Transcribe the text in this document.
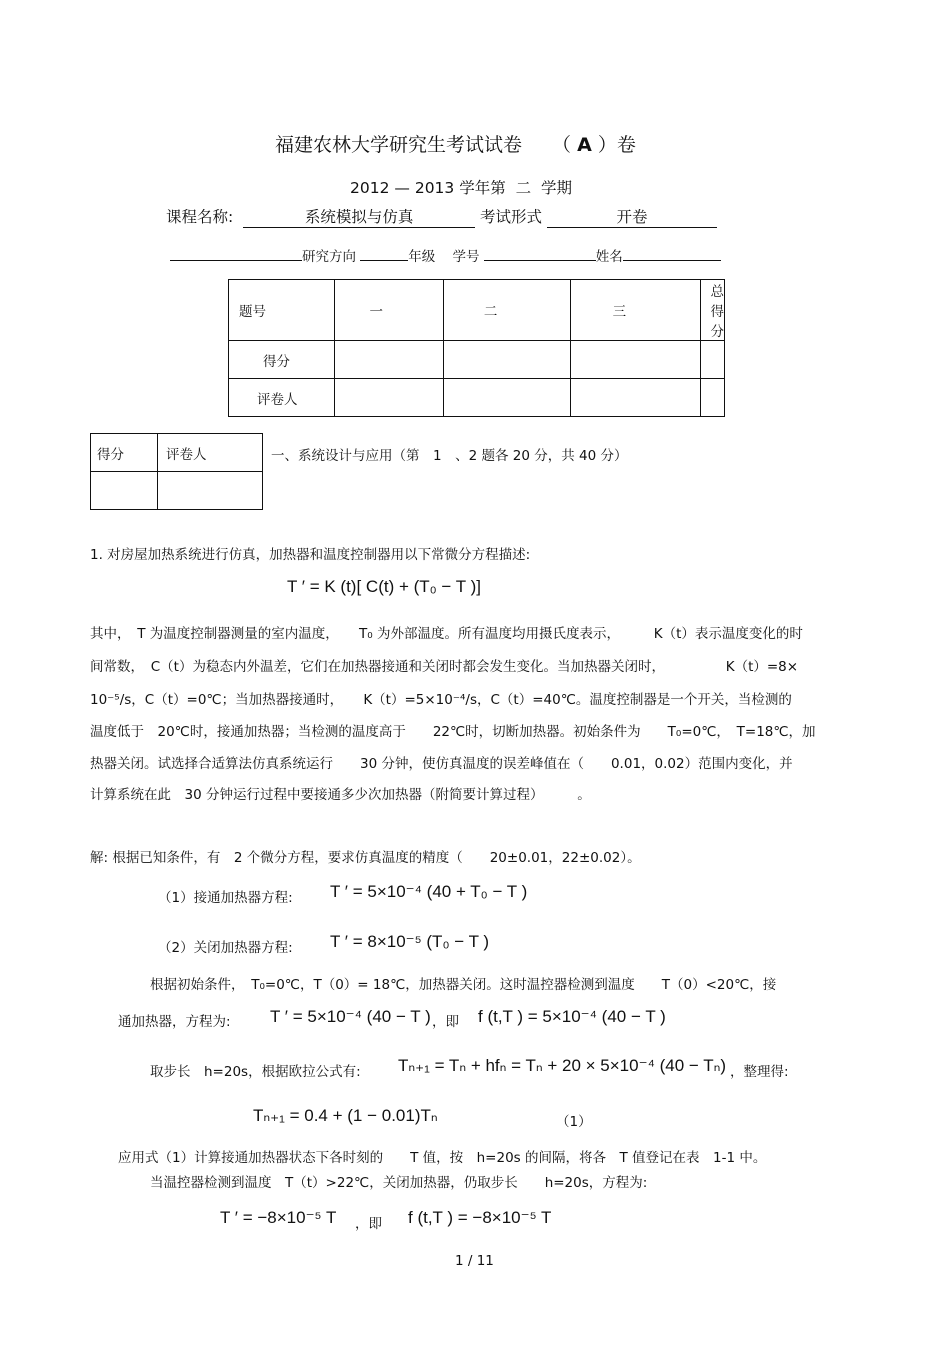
福建农林大学研究生考试试卷 （ A ）卷
2012 — 2013 学年第 二 学期
课程名称:	系统模拟与仿真	考试形式	开卷
研究方向	年级 学号	姓名
题号	一	二	三	总得分
得分				
评卷人				
得分	评卷人
		一、系统设计与应用（第　1　、2 题各 20 分，共 40 分）
1. 对房屋加热系统进行仿真，加热器和温度控制器用以下常微分方程描述:
T ′ = K (t)[ C(t) + (T₀ − T )]
其中，　T 为温度控制器测量的室内温度，　　T₀ 为外部温度。所有温度均用摄氏度表示，　　　K（t）表示温度变化的时
间常数，　C（t）为稳态内外温差，它们在加热器接通和关闭时都会发生变化。当加热器关闭时，　　　　　K（t）=8×
10⁻⁵/s，C（t）=0℃；当加热器接通时，　　K（t）=5×10⁻⁴/s，C（t）=40℃。温度控制器是一个开关，当检测的
温度低于　20℃时，接通加热器；当检测的温度高于　　22℃时，切断加热器。初始条件为　　T₀=0℃，　T=18℃，加
热器关闭。试选择合适算法仿真系统运行　　30 分钟，使仿真温度的误差峰值在（　　0.01，0.02）范围内变化，并
计算系统在此　30 分钟运行过程中要接通多少次加热器（附简要计算过程）　　　。
解: 根据已知条件，有　2 个微分方程，要求仿真温度的精度（　　20±0.01，22±0.02）。
（1）接通加热器方程: T ′ = 5×10⁻⁴ (40 + T₀ − T )
（2）关闭加热器方程: T ′ = 8×10⁻⁵ (T₀ − T )
根据初始条件，　T₀=0℃，T（0）= 18℃，加热器关闭。这时温控器检测到温度　　T（0）<20℃，接
通加热器，方程为: T ′ = 5×10⁻⁴ (40 − T ) ，即 f (t,T ) = 5×10⁻⁴ (40 − T )
取步长　h=20s，根据欧拉公式有: Tₙ₊₁ = Tₙ + hfₙ = Tₙ + 20 × 5×10⁻⁴ (40 − Tₙ) ，整理得:
Tₙ₊₁ = 0.4 + (1 − 0.01)Tₙ	（1）
应用式（1）计算接通加热器状态下各时刻的　　T 值，按　h=20s 的间隔，将各　T 值登记在表　1-1 中。
当温控器检测到温度　T（t）>22℃，关闭加热器，仍取步长　　h=20s，方程为:
T ′ = −8×10⁻⁵ T ，即 f (t,T ) = −8×10⁻⁵ T
1 / 11
